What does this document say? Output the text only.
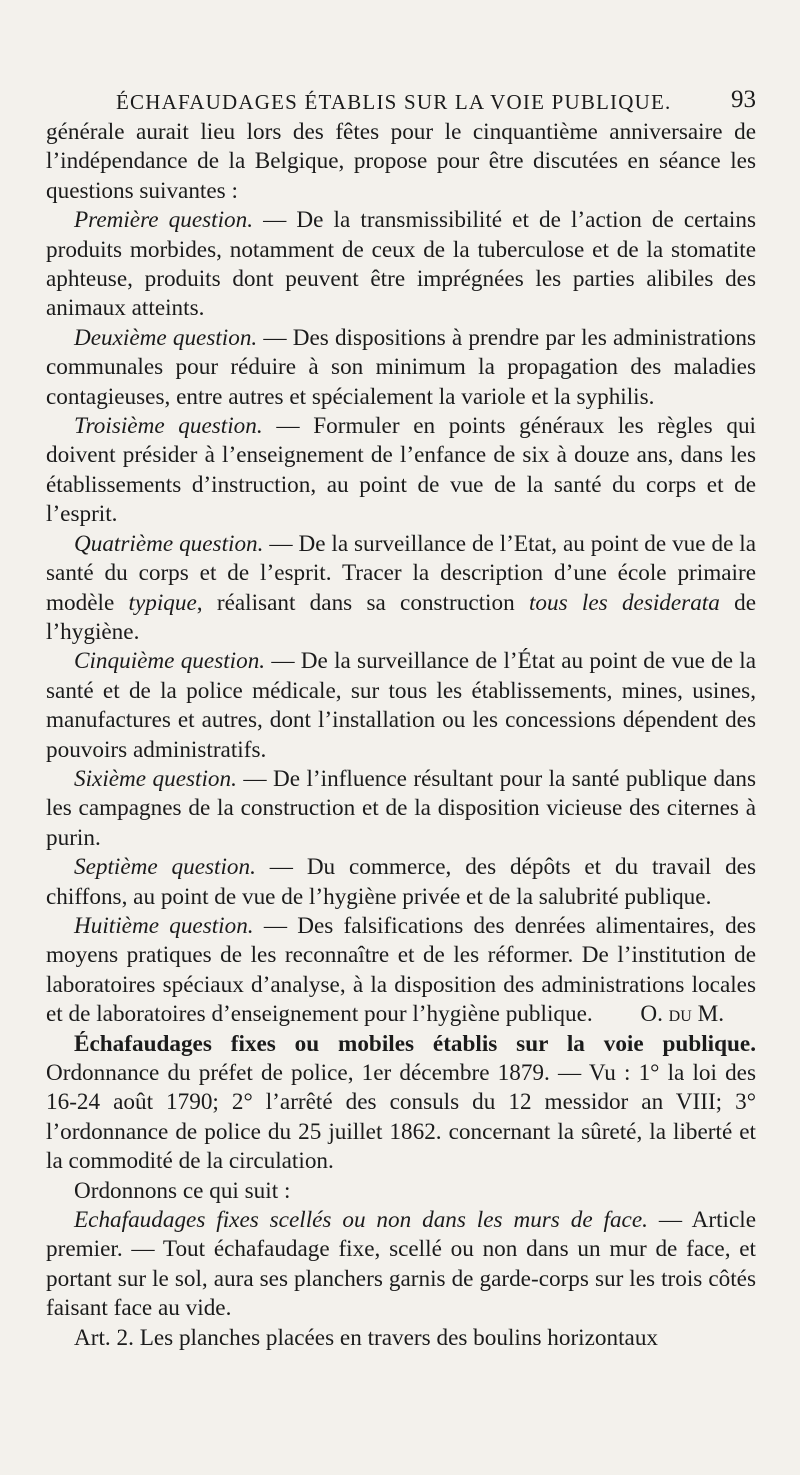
ÉCHAFAUDAGES ÉTABLIS SUR LA VOIE PUBLIQUE. 93

générale aurait lieu lors des fêtes pour le cinquantième anniversaire de l’indépendance de la Belgique, propose pour être discutées en séance les questions suivantes :

Première question. — De la transmissibilité et de l’action de certains produits morbides, notamment de ceux de la tuberculose et de la stomatite aphteuse, produits dont peuvent être imprégnées les parties alibiles des animaux atteints.

Deuxième question. — Des dispositions à prendre par les administrations communales pour réduire à son minimum la propagation des maladies contagieuses, entre autres et spécialement la variole et la syphilis.

Troisième question. — Formuler en points généraux les règles qui doivent présider à l’enseignement de l’enfance de six à douze ans, dans les établissements d’instruction, au point de vue de la santé du corps et de l’esprit.

Quatrième question. — De la surveillance de l’Etat, au point de vue de la santé du corps et de l’esprit. Tracer la description d’une école primaire modèle typique, réalisant dans sa construction tous les desiderata de l’hygiène.

Cinquième question. — De la surveillance de l’État au point de vue de la santé et de la police médicale, sur tous les établissements, mines, usines, manufactures et autres, dont l’installation ou les concessions dépendent des pouvoirs administratifs.

Sixième question. — De l’influence résultant pour la santé publique dans les campagnes de la construction et de la disposition vicieuse des citernes à purin.

Septième question. — Du commerce, des dépôts et du travail des chiffons, au point de vue de l’hygiène privée et de la salubrité publique.

Huitième question. — Des falsifications des denrées alimentaires, des moyens pratiques de les reconnaître et de les réformer. De l’institution de laboratoires spéciaux d’analyse, à la disposition des administrations locales et de laboratoires d’enseignement pour l’hygiène publique.	O. du M.

Échafaudages fixes ou mobiles établis sur la voie publique. Ordonnance du préfet de police, 1er décembre 1879. — Vu : 1° la loi des 16-24 août 1790; 2° l’arrêté des consuls du 12 messidor an VIII; 3° l’ordonnance de police du 25 juillet 1862. concernant la sûreté, la liberté et la commodité de la circulation.

Ordonnons ce qui suit :

Echafaudages fixes scellés ou non dans les murs de face. — Article premier. — Tout échafaudage fixe, scellé ou non dans un mur de face, et portant sur le sol, aura ses planchers garnis de garde-corps sur les trois côtés faisant face au vide.

Art. 2. Les planches placées en travers des boulins horizontaux
